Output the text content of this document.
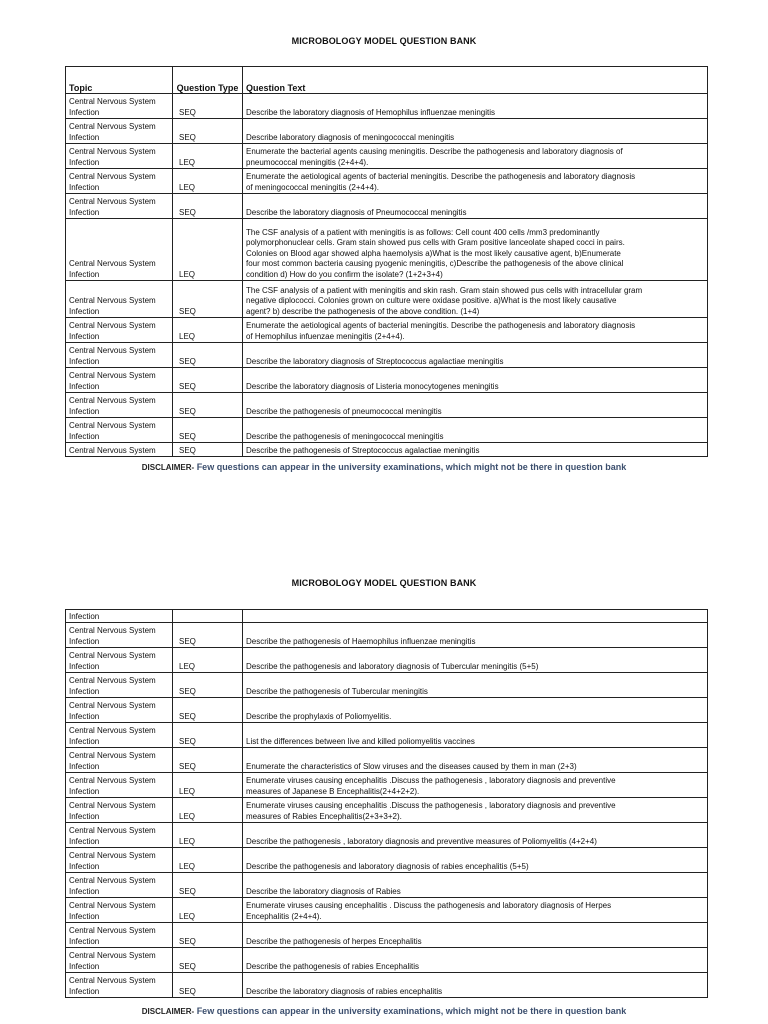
MICROBOLOGY MODEL QUESTION BANK
Topic	Question Type	Question Text
Central Nervous System Infection	SEQ	Describe the laboratory diagnosis of Hemophilus influenzae meningitis
Central Nervous System Infection	SEQ	Describe laboratory diagnosis of meningococcal meningitis
Central Nervous System Infection	LEQ	Enumerate the bacterial agents causing meningitis. Describe the pathogenesis and laboratory diagnosis of
pneumococcal meningitis (2+4+4).
Central Nervous System Infection	LEQ	Enumerate the aetiological agents of bacterial meningitis. Describe the pathogenesis and laboratory diagnosis
of meningococcal meningitis (2+4+4).
Central Nervous System Infection	SEQ	Describe the laboratory diagnosis of Pneumococcal meningitis
Central Nervous System Infection	LEQ	The CSF analysis of a patient with meningitis is as follows: Cell count 400 cells /mm3 predominantly
polymorphonuclear cells. Gram stain showed pus cells with Gram positive lanceolate shaped cocci in pairs.
Colonies on Blood agar showed alpha haemolysis a)What is the most likely causative agent, b)Enumerate
four most common bacteria causing pyogenic meningitis, c)Describe the pathogenesis of the above clinical
condition d) How do you confirm the isolate? (1+2+3+4)
Central Nervous System Infection	SEQ	The CSF analysis of a patient with meningitis and skin rash. Gram stain showed pus cells with intracellular gram
negative diplococci. Colonies grown on culture were oxidase positive. a)What is the most likely causative
agent? b) describe the pathogenesis of the above condition. (1+4)
Central Nervous System Infection	LEQ	Enumerate the aetiological agents of bacterial meningitis. Describe the pathogenesis and laboratory diagnosis
of Hemophilus infuenzae meningitis (2+4+4).
Central Nervous System Infection	SEQ	Describe the laboratory diagnosis of Streptococcus agalactiae meningitis
Central Nervous System Infection	SEQ	Describe the laboratory diagnosis of Listeria monocytogenes meningitis
Central Nervous System Infection	SEQ	Describe the pathogenesis of pneumococcal meningitis
Central Nervous System Infection	SEQ	Describe the pathogenesis of meningococcal meningitis
Central Nervous System	SEQ	Describe the pathogenesis of Streptococcus agalactiae meningitis
DISCLAIMER- Few questions can appear in the university examinations, which might not be there in question bank
MICROBOLOGY MODEL QUESTION BANK
Infection		
Central Nervous System Infection	SEQ	Describe the pathogenesis of Haemophilus influenzae meningitis
Central Nervous System Infection	LEQ	Describe the pathogenesis and laboratory diagnosis of Tubercular meningitis (5+5)
Central Nervous System Infection	SEQ	Describe the pathogenesis of Tubercular meningitis
Central Nervous System Infection	SEQ	Describe the prophylaxis of Poliomyelitis.
Central Nervous System Infection	SEQ	List the differences between live and killed poliomyelitis vaccines
Central Nervous System Infection	SEQ	Enumerate the characteristics of Slow viruses and the diseases caused by them in man (2+3)
Central Nervous System Infection	LEQ	Enumerate viruses causing encephalitis .Discuss the pathogenesis , laboratory diagnosis and preventive
measures of Japanese B Encephalitis(2+4+2+2).
Central Nervous System Infection	LEQ	Enumerate viruses causing encephalitis .Discuss the pathogenesis , laboratory diagnosis and preventive
measures of Rabies Encephalitis(2+3+3+2).
Central Nervous System Infection	LEQ	Describe the pathogenesis , laboratory diagnosis and preventive measures of Poliomyelitis (4+2+4)
Central Nervous System Infection	LEQ	Describe the pathogenesis and laboratory diagnosis of rabies encephalitis (5+5)
Central Nervous System Infection	SEQ	Describe the laboratory diagnosis of Rabies
Central Nervous System Infection	LEQ	Enumerate viruses causing encephalitis . Discuss the pathogenesis and laboratory diagnosis of Herpes
Encephalitis (2+4+4).
Central Nervous System Infection	SEQ	Describe the pathogenesis of herpes Encephalitis
Central Nervous System Infection	SEQ	Describe the pathogenesis of rabies Encephalitis
Central Nervous System Infection	SEQ	Describe the laboratory diagnosis of rabies encephalitis
DISCLAIMER- Few questions can appear in the university examinations, which might not be there in question bank
